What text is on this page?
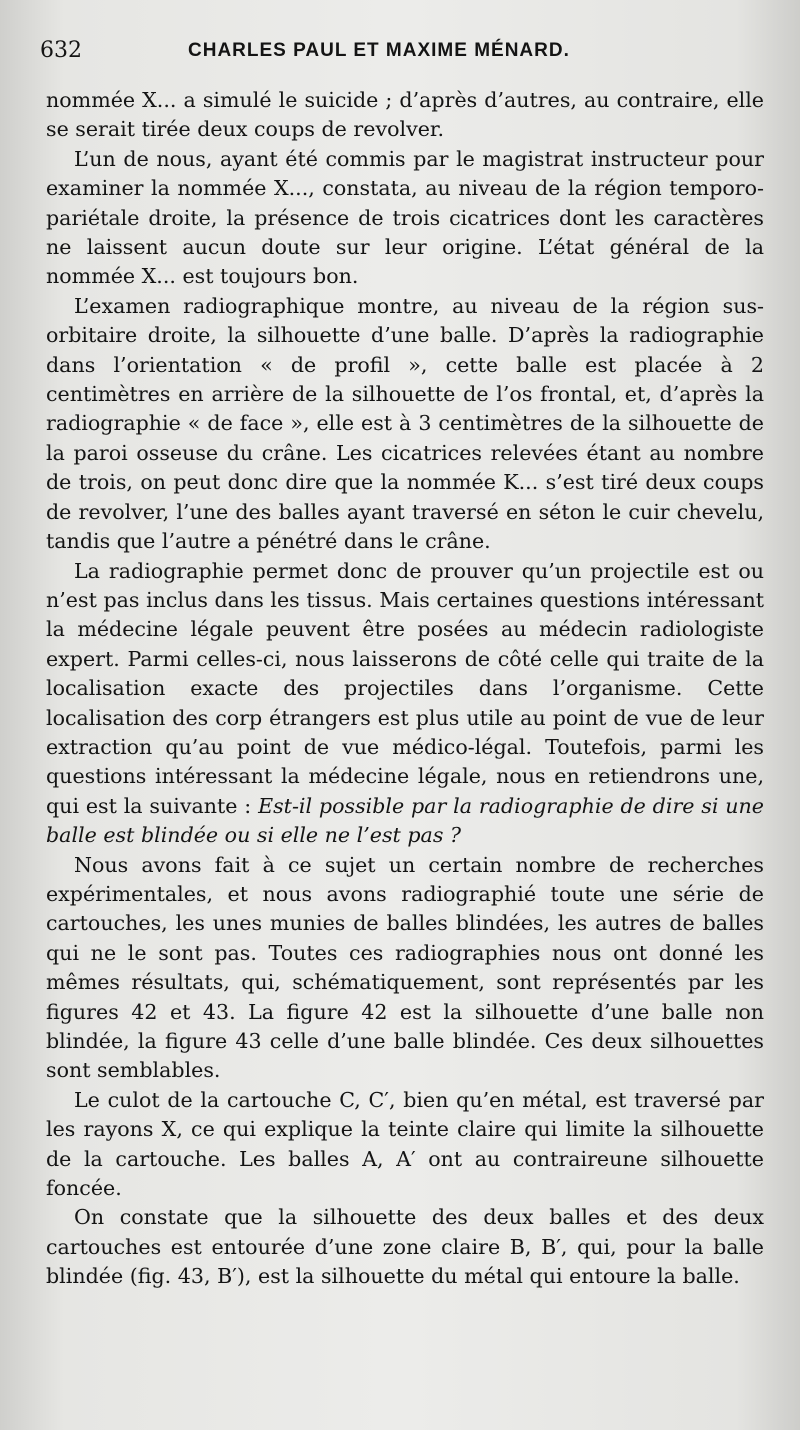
632	CHARLES PAUL ET MAXIME MÉNARD.

nommée X... a simulé le suicide ; d’après d’autres, au contraire, elle se serait tirée deux coups de revolver.

L’un de nous, ayant été commis par le magistrat instructeur pour examiner la nommée X..., constata, au niveau de la région temporo-pariétale droite, la présence de trois cicatrices dont les caractères ne laissent aucun doute sur leur origine. L’état général de la nommée X... est toujours bon.

L’examen radiographique montre, au niveau de la région sus-orbitaire droite, la silhouette d’une balle. D’après la radiographie dans l’orientation « de profil », cette balle est placée à 2 centimètres en arrière de la silhouette de l’os frontal, et, d’après la radiographie « de face », elle est à 3 centimètres de la silhouette de la paroi osseuse du crâne. Les cicatrices relevées étant au nombre de trois, on peut donc dire que la nommée K... s’est tiré deux coups de revolver, l’une des balles ayant traversé en séton le cuir chevelu, tandis que l’autre a pénétré dans le crâne.

La radiographie permet donc de prouver qu’un projectile est ou n’est pas inclus dans les tissus. Mais certaines questions intéressant la médecine légale peuvent être posées au médecin radiologiste expert. Parmi celles-ci, nous laisserons de côté celle qui traite de la localisation exacte des projectiles dans l’organisme. Cette localisation des corp étrangers est plus utile au point de vue de leur extraction qu’au point de vue médico-légal. Toutefois, parmi les questions intéressant la médecine légale, nous en retiendrons une, qui est la suivante : Est-il possible par la radiographie de dire si une balle est blindée ou si elle ne l’est pas ?

Nous avons fait à ce sujet un certain nombre de recherches expérimentales, et nous avons radiographié toute une série de cartouches, les unes munies de balles blindées, les autres de balles qui ne le sont pas. Toutes ces radiographies nous ont donné les mêmes résultats, qui, schématiquement, sont représentés par les figures 42 et 43. La figure 42 est la silhouette d’une balle non blindée, la figure 43 celle d’une balle blindée. Ces deux silhouettes sont semblables.

Le culot de la cartouche C, C′, bien qu’en métal, est traversé par les rayons X, ce qui explique la teinte claire qui limite la silhouette de la cartouche. Les balles A, A′ ont au contraireune silhouette foncée.

On constate que la silhouette des deux balles et des deux cartouches est entourée d’une zone claire B, B′, qui, pour la balle blindée (fig. 43, B′), est la silhouette du métal qui entoure la balle.
